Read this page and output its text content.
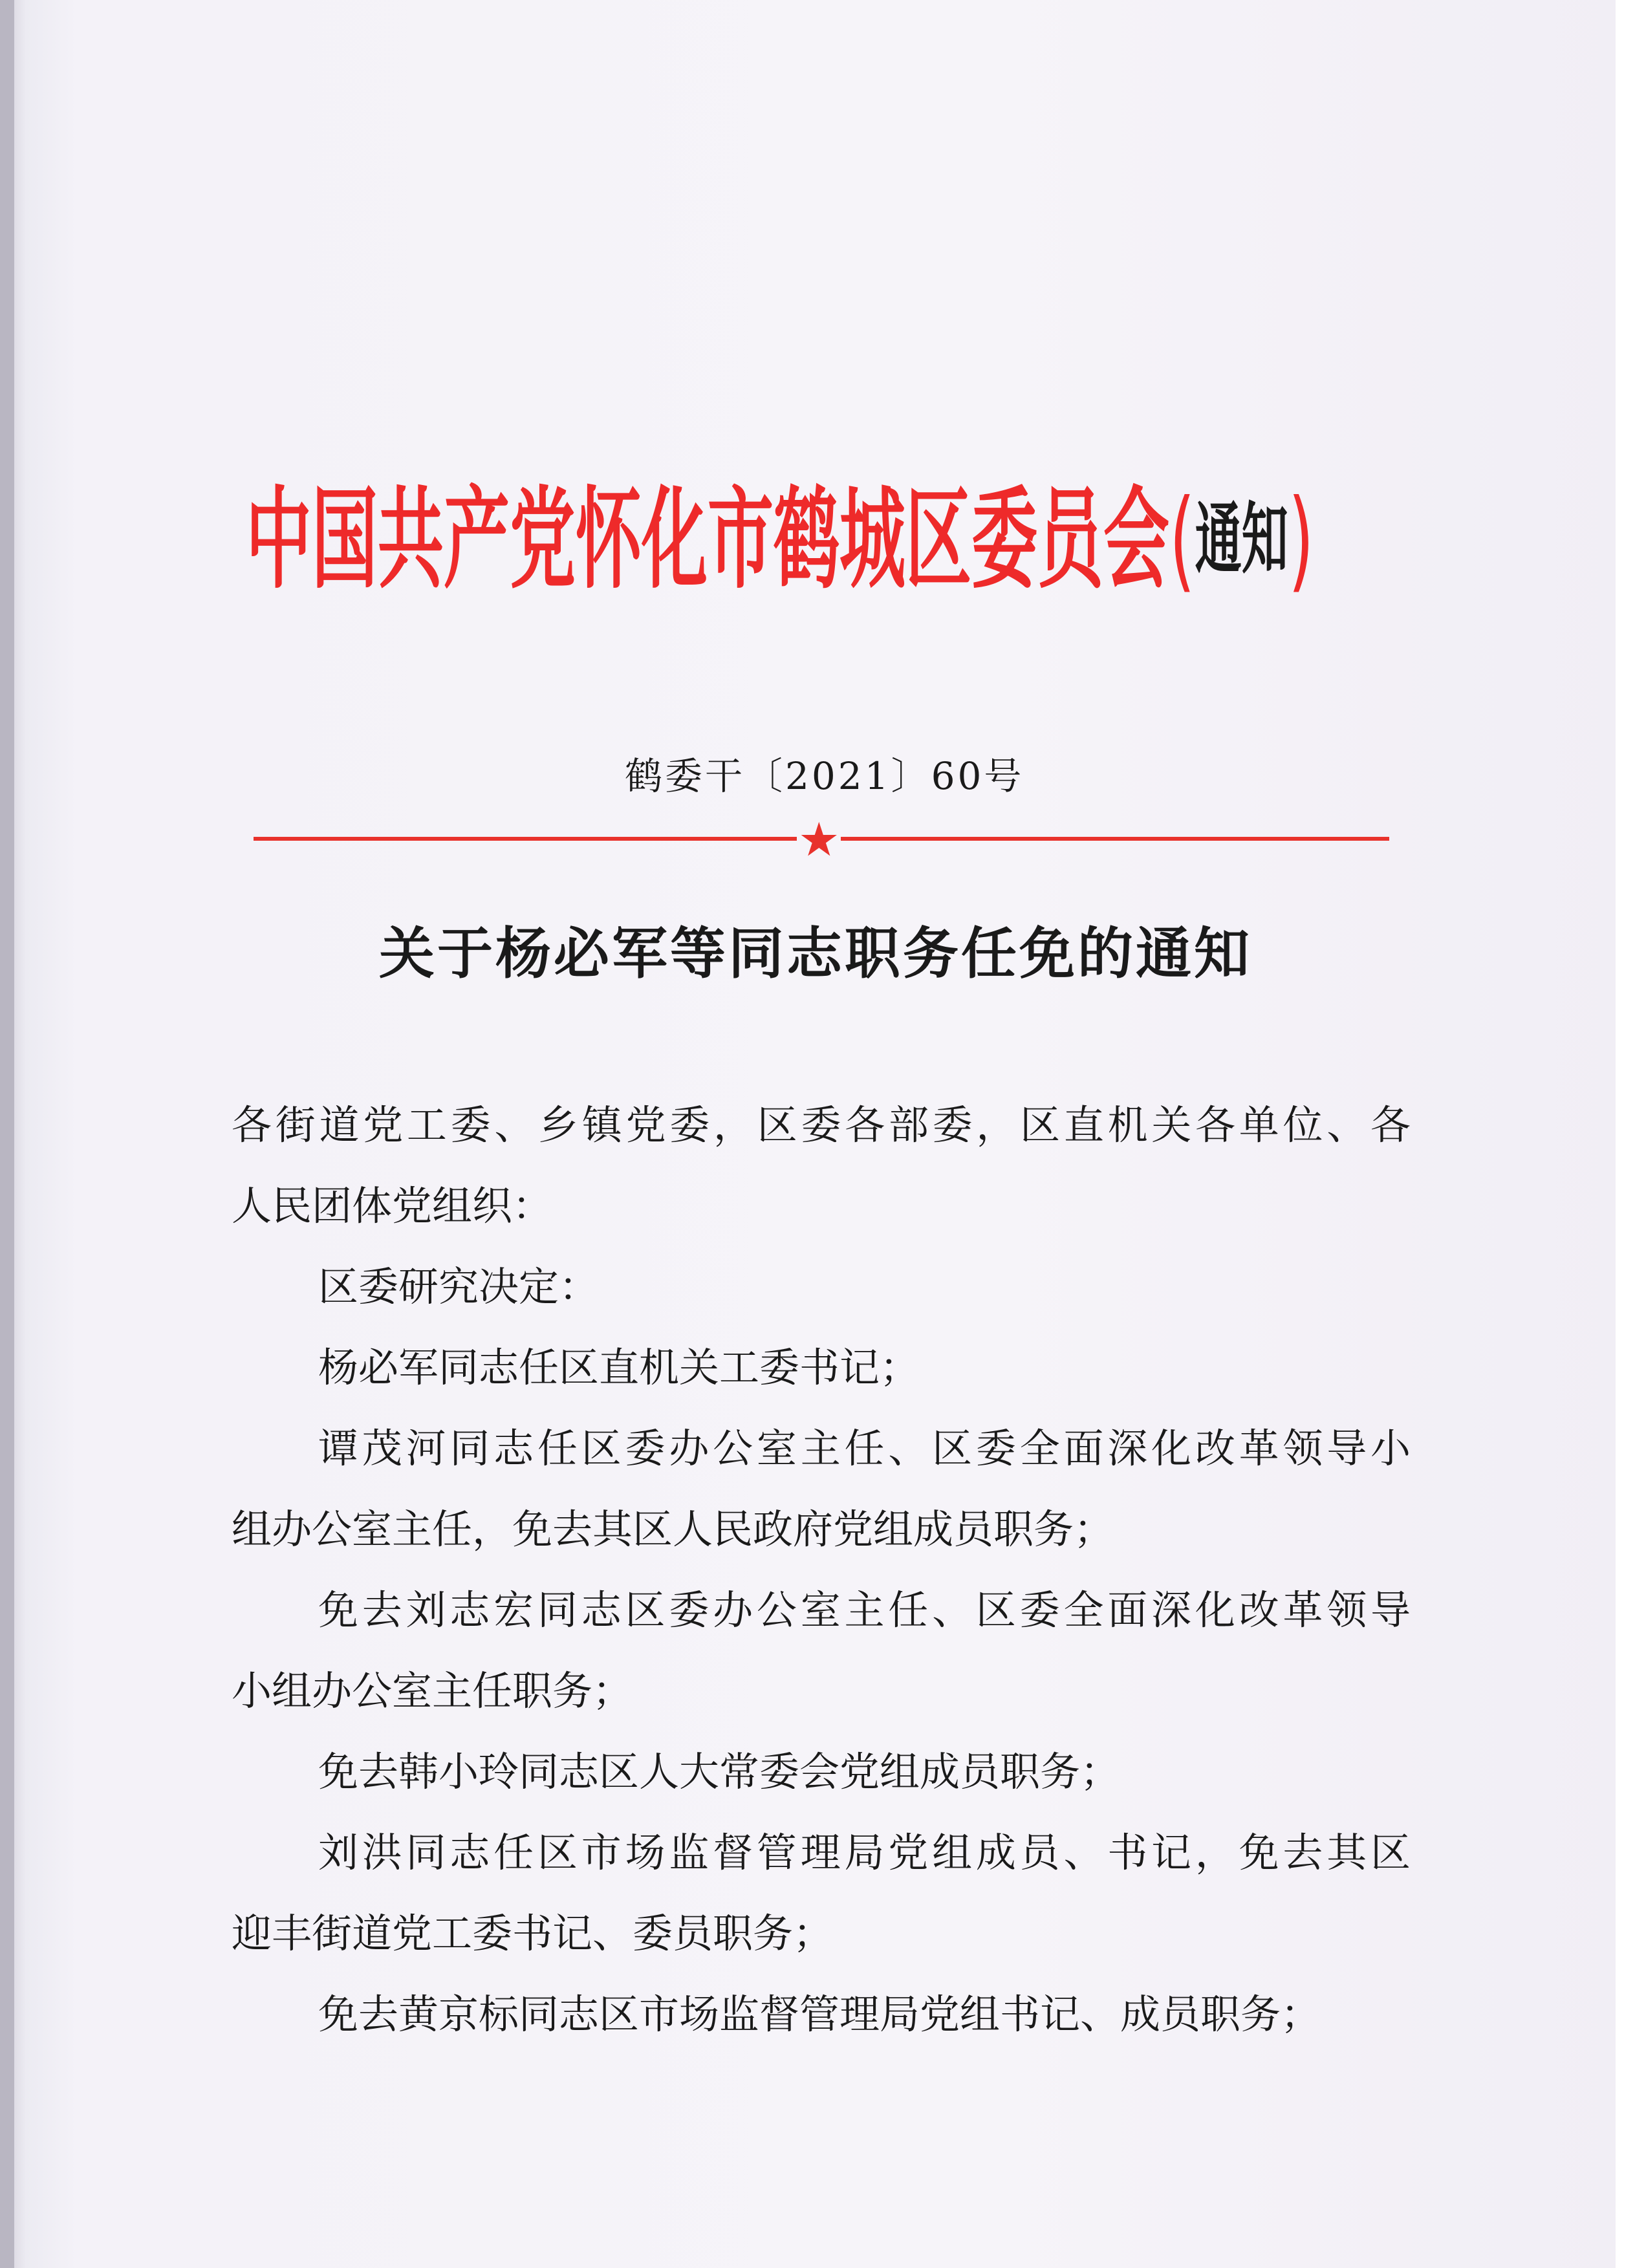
中国共产党怀化市鹤城区委员会(通知)
鹤委干〔2021〕60号
★
关于杨必军等同志职务任免的通知
各街道党工委、乡镇党委，区委各部委，区直机关各单位、各
人民团体党组织：
区委研究决定：
杨必军同志任区直机关工委书记；
谭茂河同志任区委办公室主任、区委全面深化改革领导小
组办公室主任，免去其区人民政府党组成员职务；
免去刘志宏同志区委办公室主任、区委全面深化改革领导
小组办公室主任职务；
免去韩小玲同志区人大常委会党组成员职务；
刘洪同志任区市场监督管理局党组成员、书记，免去其区
迎丰街道党工委书记、委员职务；
免去黄京标同志区市场监督管理局党组书记、成员职务；
